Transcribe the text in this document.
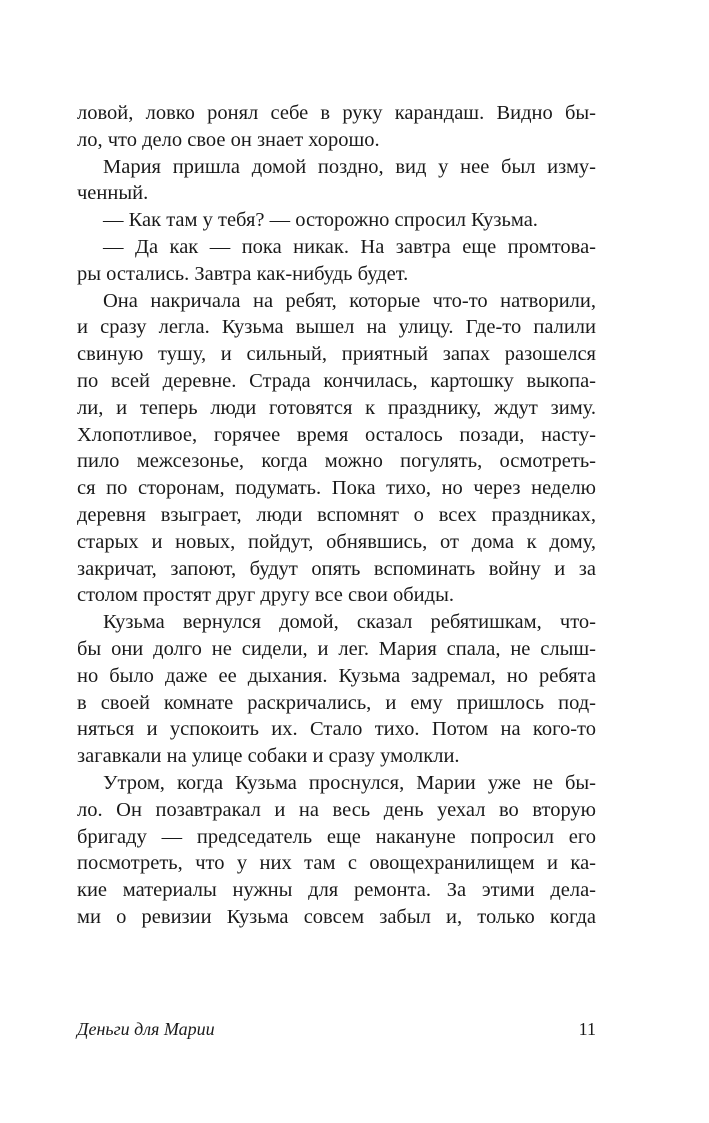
ловой, ловко ронял себе в руку карандаш. Видно бы-
ло, что дело свое он знает хорошо.
Мария пришла домой поздно, вид у нее был изму-
ченный.
— Как там у тебя? — осторожно спросил Кузьма.
— Да как — пока никак. На завтра еще промтова-
ры остались. Завтра как-нибудь будет.
Она накричала на ребят, которые что-то натворили,
и сразу легла. Кузьма вышел на улицу. Где-то палили
свиную тушу, и сильный, приятный запах разошелся
по всей деревне. Страда кончилась, картошку выкопа-
ли, и теперь люди готовятся к празднику, ждут зиму.
Хлопотливое, горячее время осталось позади, насту-
пило межсезонье, когда можно погулять, осмотреть-
ся по сторонам, подумать. Пока тихо, но через неделю
деревня взыграет, люди вспомнят о всех праздниках,
старых и новых, пойдут, обнявшись, от дома к дому,
закричат, запоют, будут опять вспоминать войну и за
столом простят друг другу все свои обиды.
Кузьма вернулся домой, сказал ребятишкам, что-
бы они долго не сидели, и лег. Мария спала, не слыш-
но было даже ее дыхания. Кузьма задремал, но ребята
в своей комнате раскричались, и ему пришлось под-
няться и успокоить их. Стало тихо. Потом на кого-то
загавкали на улице собаки и сразу умолкли.
Утром, когда Кузьма проснулся, Марии уже не бы-
ло. Он позавтракал и на весь день уехал во вторую
бригаду — председатель еще накануне попросил его
посмотреть, что у них там с овощехранилищем и ка-
кие материалы нужны для ремонта. За этими дела-
ми о ревизии Кузьма совсем забыл и, только когда
Деньги для Марии	11
